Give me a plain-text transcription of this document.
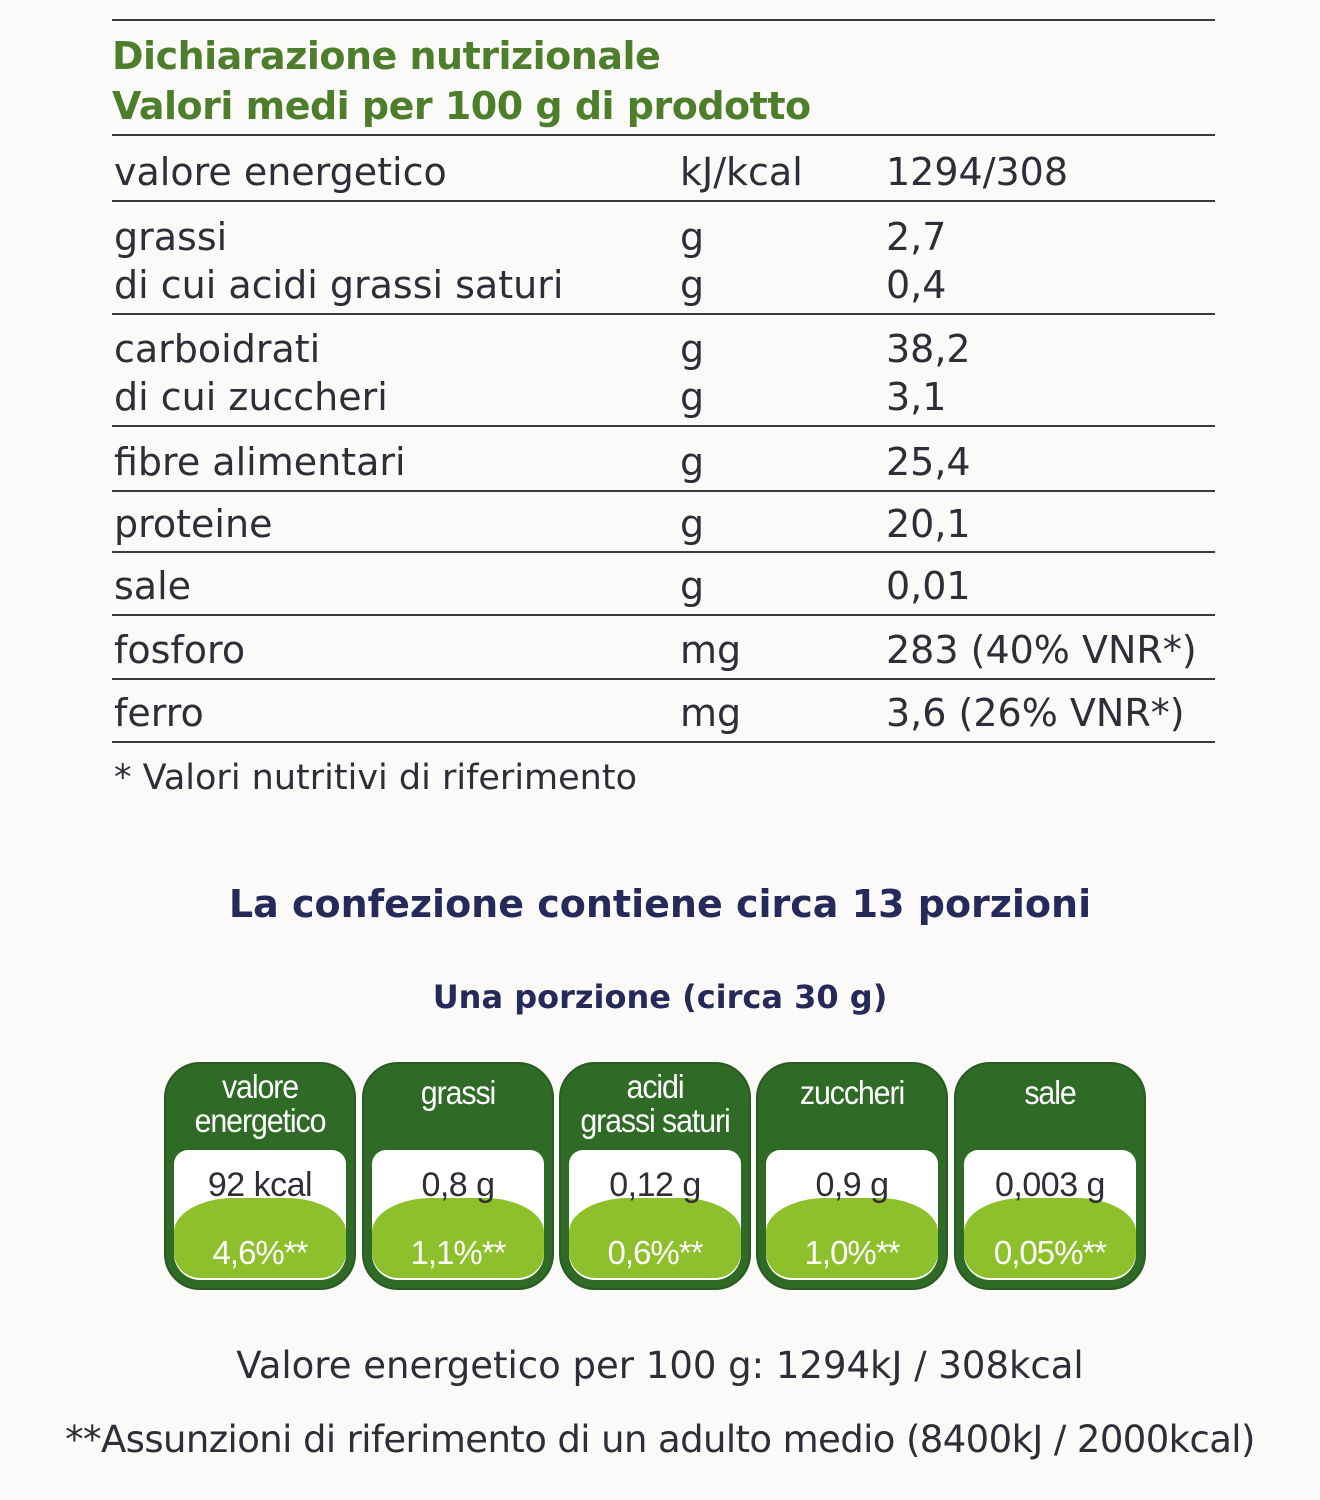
Dichiarazione nutrizionale
Valori medi per 100 g di prodotto
valore energetico	kJ/kcal 1294/308
grassi	g	2,7
di cui acidi grassi saturi	g	0,4
carboidrati	g	38,2
di cui zuccheri	g	3,1
fibre alimentari	g	25,4
proteine	g	20,1
sale	g	0,01
fosforo	mg	283 (40% VNR*)
ferro	mg	3,6 (26% VNR*)
* Valori nutritivi di riferimento
La confezione contiene circa 13 porzioni
Una porzione (circa 30 g)
valore
energetico
92 kcal
4,6%**
grassi
0,8 g
1,1%**
acidi
grassi saturi
0,12 g
0,6%**
zuccheri
0,9 g
1,0%**
sale
0,003 g
0,05%**
Valore energetico per 100 g: 1294kJ / 308kcal
**Assunzioni di riferimento di un adulto medio (8400kJ / 2000kcal)
